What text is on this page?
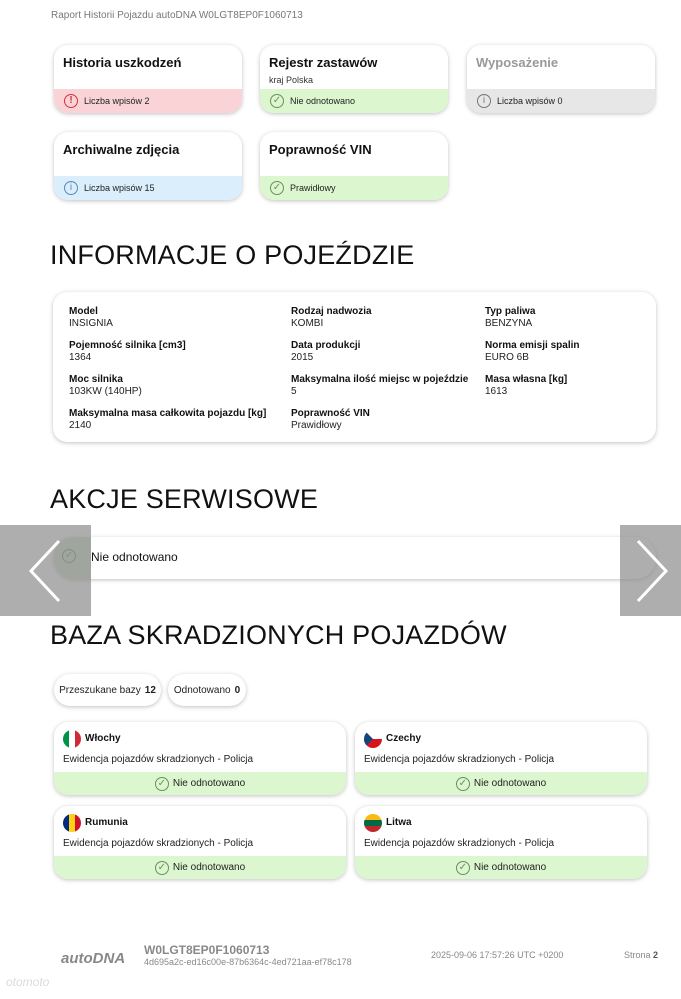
Raport Historii Pojazdu autoDNA W0LGT8EP0F1060713
Historia uszkodzeń
!	Liczba wpisów 2
Rejestr zastawów
kraj Polska
✓ Nie odnotowano
Wyposażenie
i	Liczba wpisów 0
Archiwalne zdjęcia
i	Liczba wpisów 15
Poprawność VIN
✓ Prawidłowy
INFORMACJE O POJEŹDZIE
Model
INSIGNIA
Rodzaj nadwozia
KOMBI
Typ paliwa
BENZYNA
Pojemność silnika [cm3]
1364
Data produkcji
2015
Norma emisji spalin
EURO 6B
Moc silnika
103KW (140HP)
Maksymalna ilość miejsc w pojeździe
5
Masa własna [kg]
1613
Maksymalna masa całkowita pojazdu [kg]
2140
Poprawność VIN
Prawidłowy
AKCJE SERWISOWE
Nie odnotowano
BAZA SKRADZIONYCH POJAZDÓW
Przeszukane bazy 12 Odnotowano 0
Włochy
Ewidencja pojazdów skradzionych - Policja
✓ Nie odnotowano
Czechy
Ewidencja pojazdów skradzionych - Policja
✓ Nie odnotowano
Rumunia
Ewidencja pojazdów skradzionych - Policja
✓ Nie odnotowano
Litwa
Ewidencja pojazdów skradzionych - Policja
✓ Nie odnotowano
autoDNA W0LGT8EP0F1060713
4d695a2c-ed16c00e-87b6364c-4ed721aa-ef78c178
2025-09-06 17:57:26 UTC +0200	Strona 2
otomoto
